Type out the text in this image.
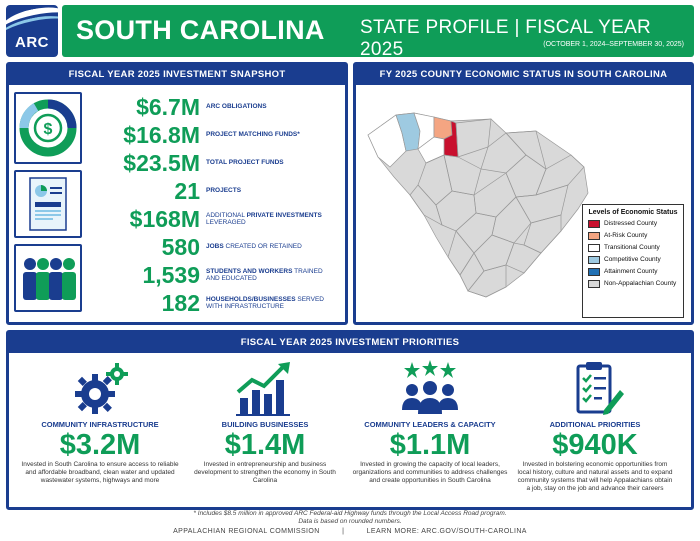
ARC	SOUTH CAROLINA STATE PROFILE | FISCAL YEAR 2025	(OCTOBER 1, 2024–SEPTEMBER 30, 2025)
FISCAL YEAR 2025 INVESTMENT SNAPSHOT
$
$6.7M ARC OBLIGATIONS
$16.8M PROJECT MATCHING FUNDS*
$23.5M TOTAL PROJECT FUNDS
21 PROJECTS
$168M ADDITIONAL PRIVATE INVESTMENTS LEVERAGED
580 JOBS CREATED OR RETAINED
1,539 STUDENTS AND WORKERS TRAINED AND EDUCATED
182 HOUSEHOLDS/BUSINESSES SERVED WITH INFRASTRUCTURE
FY 2025 COUNTY ECONOMIC STATUS IN SOUTH CAROLINA
Levels of Economic Status
Distressed County
At-Risk County
Transitional County
Competitive County
Attainment County
Non-Appalachian County
FISCAL YEAR 2025 INVESTMENT PRIORITIES
COMMUNITY INFRASTRUCTURE
$3.2M
Invested in South Carolina to ensure access to reliable and affordable broadband, clean water and updated wastewater systems, highways and more
BUILDING BUSINESSES
$1.4M
Invested in entrepreneurship and business development to strengthen the economy in South Carolina
COMMUNITY LEADERS & CAPACITY
$1.1M
Invested in growing the capacity of local leaders, organizations and communities to address challenges and create opportunities in South Carolina
ADDITIONAL PRIORITIES
$940K
Invested in bolstering economic opportunities from local history, culture and natural assets and to expand community systems that will help Appalachians obtain a job, stay on the job and advance their careers
* Includes $8.5 million in approved ARC Federal-aid Highway funds through the Local Access Road program.
Data is based on rounded numbers.
APPALACHIAN REGIONAL COMMISSION	|	LEARN MORE: ARC.GOV/SOUTH-CAROLINA
